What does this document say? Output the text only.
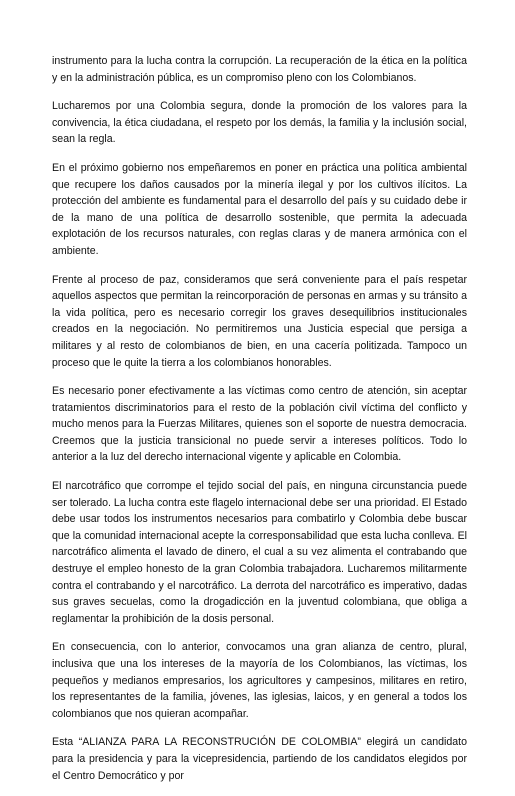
instrumento para la lucha contra la corrupción. La recuperación de la ética en la política y en la administración pública, es un compromiso pleno con los Colombianos.

Lucharemos por una Colombia segura, donde la promoción de los valores para la convivencia, la ética ciudadana, el respeto por los demás, la familia y la inclusión social, sean la regla.

En el próximo gobierno nos empeñaremos en poner en práctica una política ambiental que recupere los daños causados por la minería ilegal y por los cultivos ilícitos. La protección del ambiente es fundamental para el desarrollo del país y su cuidado debe ir de la mano de una política de desarrollo sostenible, que permita la adecuada explotación de los recursos naturales, con reglas claras y de manera armónica con el ambiente.

Frente al proceso de paz, consideramos que será conveniente para el país respetar aquellos aspectos que permitan la reincorporación de personas en armas y su tránsito a la vida política, pero es necesario corregir los graves desequilibrios institucionales creados en la negociación. No permitiremos una Justicia especial que persiga a militares y al resto de colombianos de bien, en una cacería politizada. Tampoco un proceso que le quite la tierra a los colombianos honorables.

Es necesario poner efectivamente a las víctimas como centro de atención, sin aceptar tratamientos discriminatorios para el resto de la población civil víctima del conflicto y mucho menos para la Fuerzas Militares, quienes son el soporte de nuestra democracia. Creemos que la justicia transicional no puede servir a intereses políticos. Todo lo anterior a la luz del derecho internacional vigente y aplicable en Colombia.

El narcotráfico que corrompe el tejido social del país, en ninguna circunstancia puede ser tolerado. La lucha contra este flagelo internacional debe ser una prioridad. El Estado debe usar todos los instrumentos necesarios para combatirlo y Colombia debe buscar que la comunidad internacional acepte la corresponsabilidad que esta lucha conlleva. El narcotráfico alimenta el lavado de dinero, el cual a su vez alimenta el contrabando que destruye el empleo honesto de la gran Colombia trabajadora. Lucharemos militarmente contra el contrabando y el narcotráfico. La derrota del narcotráfico es imperativo, dadas sus graves secuelas, como la drogadicción en la juventud colombiana, que obliga a reglamentar la prohibición de la dosis personal.

En consecuencia, con lo anterior, convocamos una gran alianza de centro, plural, inclusiva que una los intereses de la mayoría de los Colombianos, las víctimas, los pequeños y medianos empresarios, los agricultores y campesinos, militares en retiro, los representantes de la familia, jóvenes, las iglesias, laicos, y en general a todos los colombianos que nos quieran acompañar.

Esta “ALIANZA PARA LA RECONSTRUCIÓN DE COLOMBIA” elegirá un candidato para la presidencia y para la vicepresidencia, partiendo de los candidatos elegidos por el Centro Democrático y por
